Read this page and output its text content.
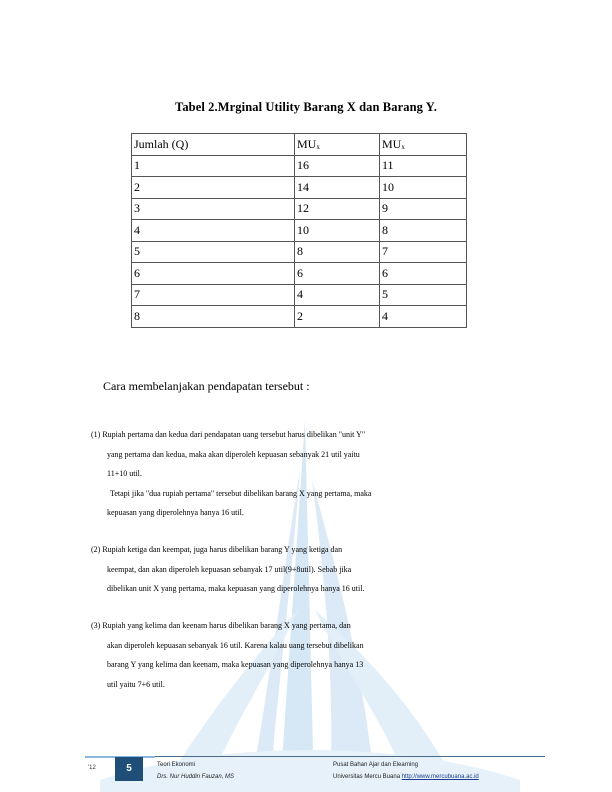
Tabel 2.Mrginal Utility Barang X dan Barang Y.
Jumlah (Q)	$MU_x$	$MU_x$
1	16	11
2	14	10
3	12	9
4	10	8
5	8	7
6	6	6
7	4	5
8	2	4
Cara membelanjakan pendapatan tersebut :
(1) Rupiah pertama dan kedua dari pendapatan uang tersebut harus dibelikan "unit Y"
yang pertama dan kedua, maka akan diperoleh kepuasan sebanyak 21 util yaitu
11+10 util.
Tetapi jika "dua rupiah pertama" tersebut dibelikan barang X yang pertama, maka
kepuasan yang diperolehnya hanya 16 util.
(2) Rupiah ketiga dan keempat, juga harus dibelikan barang Y yang ketiga dan
keempat, dan akan diperoleh kepuasan sebanyak 17 util(9+8util). Sebab jika
dibelikan unit X yang pertama, maka kepuasan yang diperolehnya hanya 16 util.
(3) Rupiah yang kelima dan keenam harus dibelikan barang X yang pertama, dan
akan diperoleh kepuasan sebanyak 16 util. Karena kalau uang tersebut dibelikan
barang Y yang kelima dan keenam, maka kepuasan yang diperolehnya hanya 13
util yaitu 7+6 util.
'12	5	Teori Ekonomi
Drs. Nur Huddin Fauzan, MS
Pusat Bahan Ajar dan Elearning
Universitas Mercu Buana http://www.mercubuana.ac.id
